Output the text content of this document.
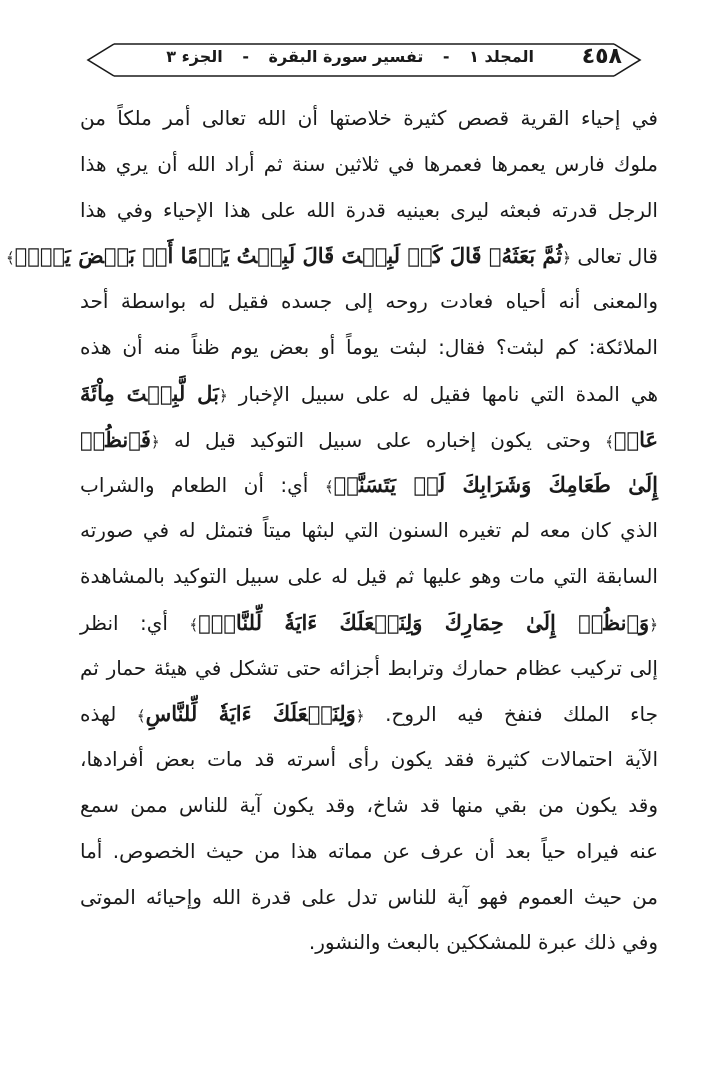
٤٥٨
المجلد ١ - تفسير سورة البقرة - الجزء ٣
في إحياء القرية قصص كثيرة خلاصتها أن الله تعالى أمر ملكاً من
ملوك فارس يعمرها فعمرها في ثلاثين سنة ثم أراد الله أن يري هذا
الرجل قدرته فبعثه ليرى بعينيه قدرة الله على هذا الإحياء وفي هذا
قال تعالى ﴿ثُمَّ بَعَثَهُۥ قَالَ كَمۡ لَبِثۡتَ قَالَ لَبِثۡتُ يَوۡمًا أَوۡ بَعۡضَ يَوۡمٖ﴾
والمعنى أنه أحياه فعادت روحه إلى جسده فقيل له بواسطة أحد
الملائكة: كم لبثت؟ فقال: لبثت يوماً أو بعض يوم ظناً منه أن هذه
هي المدة التي نامها فقيل له على سبيل الإخبار ﴿بَل لَّبِثۡتَ مِاْئَةَ
عَامٖ﴾ وحتى يكون إخباره على سبيل التوكيد قيل له ﴿فَٱنظُرۡ
إِلَىٰ طَعَامِكَ وَشَرَابِكَ لَمۡ يَتَسَنَّهۡ﴾ أي: أن الطعام والشراب
الذي كان معه لم تغيره السنون التي لبثها ميتاً فتمثل له في صورته
السابقة التي مات وهو عليها ثم قيل له على سبيل التوكيد بالمشاهدة
﴿وَٱنظُرۡ إِلَىٰ حِمَارِكَ وَلِنَجۡعَلَكَ ءَايَةٗ لِّلنَّاسِۖ﴾ أي: انظر
إلى تركيب عظام حمارك وترابط أجزائه حتى تشكل في هيئة حمار ثم
جاء الملك فنفخ فيه الروح. ﴿وَلِنَجۡعَلَكَ ءَايَةٗ لِّلنَّاسِ﴾ لهذه
الآية احتمالات كثيرة فقد يكون رأى أسرته قد مات بعض أفرادها،
وقد يكون من بقي منها قد شاخ، وقد يكون آية للناس ممن سمع
عنه فيراه حياً بعد أن عرف عن مماته هذا من حيث الخصوص. أما
من حيث العموم فهو آية للناس تدل على قدرة الله وإحيائه الموتى
وفي ذلك عبرة للمشككين بالبعث والنشور.
